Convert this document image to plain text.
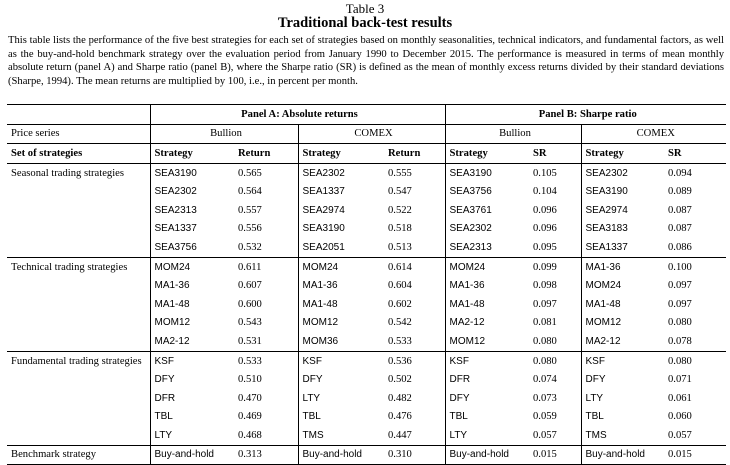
Table 3
Traditional back-test results
This table lists the performance of the five best strategies for each set of strategies based on monthly seasonalities, technical indicators, and fundamental factors, as well as the buy-and-hold benchmark strategy over the evaluation period from January 1990 to December 2015. The performance is measured in terms of mean monthly absolute return (panel A) and Sharpe ratio (panel B), where the Sharpe ratio (SR) is defined as the mean of monthly excess returns divided by their standard deviations (Sharpe, 1994). The mean returns are multiplied by 100, i.e., in percent per month.
	Panel A: Absolute returns				Panel B: Sharpe ratio			
Price series	Bullion		COMEX		Bullion		COMEX	
Set of strategies	Strategy	Return	Strategy	Return	Strategy	SR	Strategy	SR
Seasonal trading strategies	SEA3190	0.565	SEA2302	0.555	SEA3190	0.105	SEA2302	0.094
	SEA2302	0.564	SEA1337	0.547	SEA3756	0.104	SEA3190	0.089
	SEA2313	0.557	SEA2974	0.522	SEA3761	0.096	SEA2974	0.087
	SEA1337	0.556	SEA3190	0.518	SEA2302	0.096	SEA3183	0.087
	SEA3756	0.532	SEA2051	0.513	SEA2313	0.095	SEA1337	0.086
Technical trading strategies	MOM24	0.611	MOM24	0.614	MOM24	0.099	MA1-36	0.100
	MA1-36	0.607	MA1-36	0.604	MA1-36	0.098	MOM24	0.097
	MA1-48	0.600	MA1-48	0.602	MA1-48	0.097	MA1-48	0.097
	MOM12	0.543	MOM12	0.542	MA2-12	0.081	MOM12	0.080
	MA2-12	0.531	MOM36	0.533	MOM12	0.080	MA2-12	0.078
Fundamental trading strategies	KSF	0.533	KSF	0.536	KSF	0.080	KSF	0.080
	DFY	0.510	DFY	0.502	DFR	0.074	DFY	0.071
	DFR	0.470	LTY	0.482	DFY	0.073	LTY	0.061
	TBL	0.469	TBL	0.476	TBL	0.059	TBL	0.060
	LTY	0.468	TMS	0.447	LTY	0.057	TMS	0.057
Benchmark strategy	Buy-and-hold	0.313	Buy-and-hold	0.310	Buy-and-hold	0.015	Buy-and-hold	0.015
